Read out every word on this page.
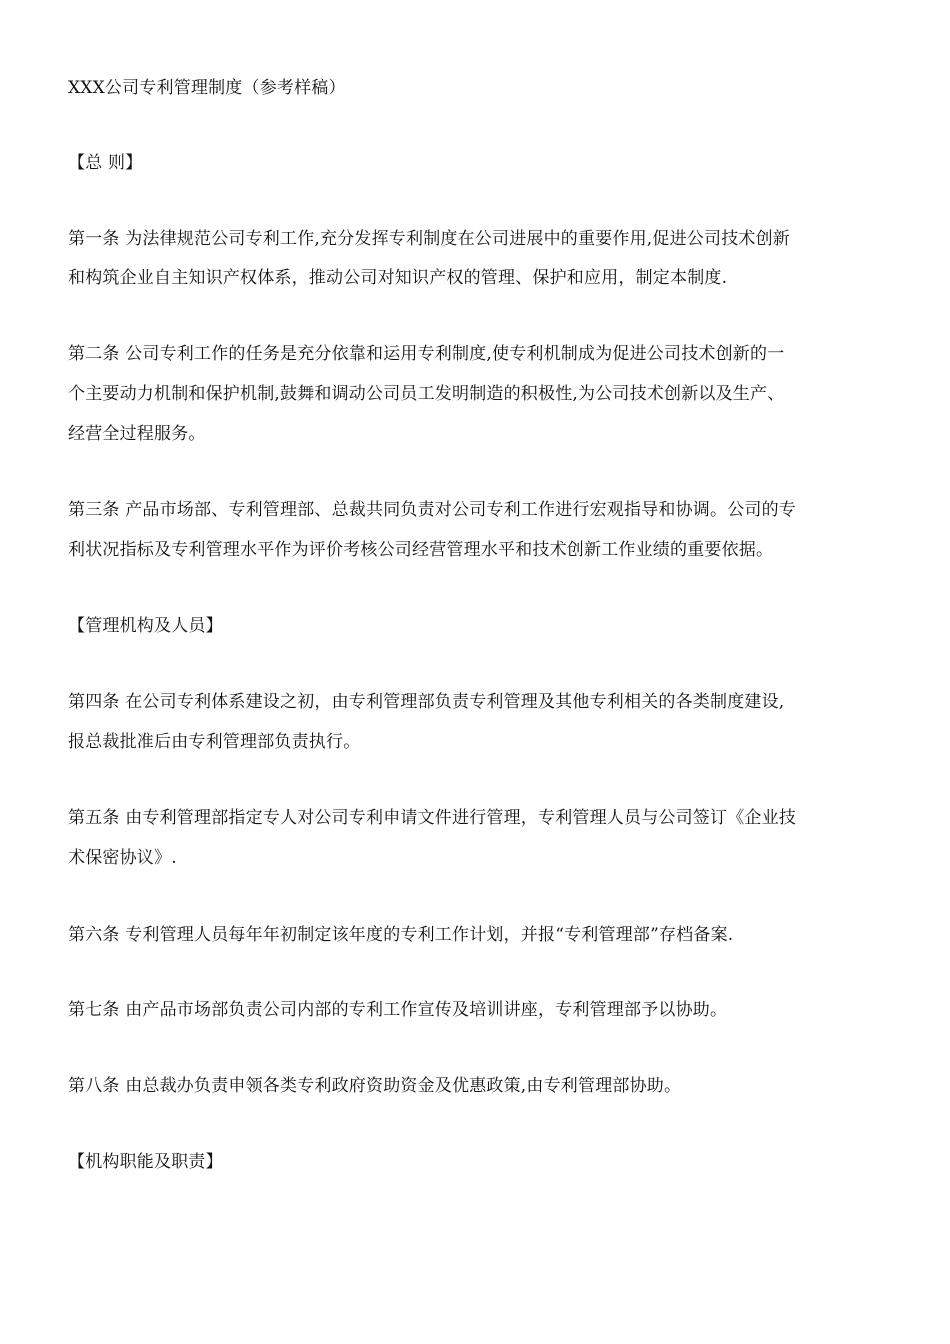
XXX公司专利管理制度（参考样稿）
【总 则】
第一条 为法律规范公司专利工作,充分发挥专利制度在公司进展中的重要作用,促进公司技术创新
和构筑企业自主知识产权体系，推动公司对知识产权的管理、保护和应用，制定本制度.
第二条 公司专利工作的任务是充分依靠和运用专利制度,使专利机制成为促进公司技术创新的一
个主要动力机制和保护机制,鼓舞和调动公司员工发明制造的积极性,为公司技术创新以及生产、
经营全过程服务。
第三条 产品市场部、专利管理部、总裁共同负责对公司专利工作进行宏观指导和协调。公司的专
利状况指标及专利管理水平作为评价考核公司经营管理水平和技术创新工作业绩的重要依据。
【管理机构及人员】
第四条 在公司专利体系建设之初，由专利管理部负责专利管理及其他专利相关的各类制度建设,
报总裁批准后由专利管理部负责执行。
第五条 由专利管理部指定专人对公司专利申请文件进行管理，专利管理人员与公司签订《企业技
术保密协议》.
第六条 专利管理人员每年年初制定该年度的专利工作计划，并报“专利管理部”存档备案.
第七条 由产品市场部负责公司内部的专利工作宣传及培训讲座，专利管理部予以协助。
第八条 由总裁办负责申领各类专利政府资助资金及优惠政策,由专利管理部协助。
【机构职能及职责】
